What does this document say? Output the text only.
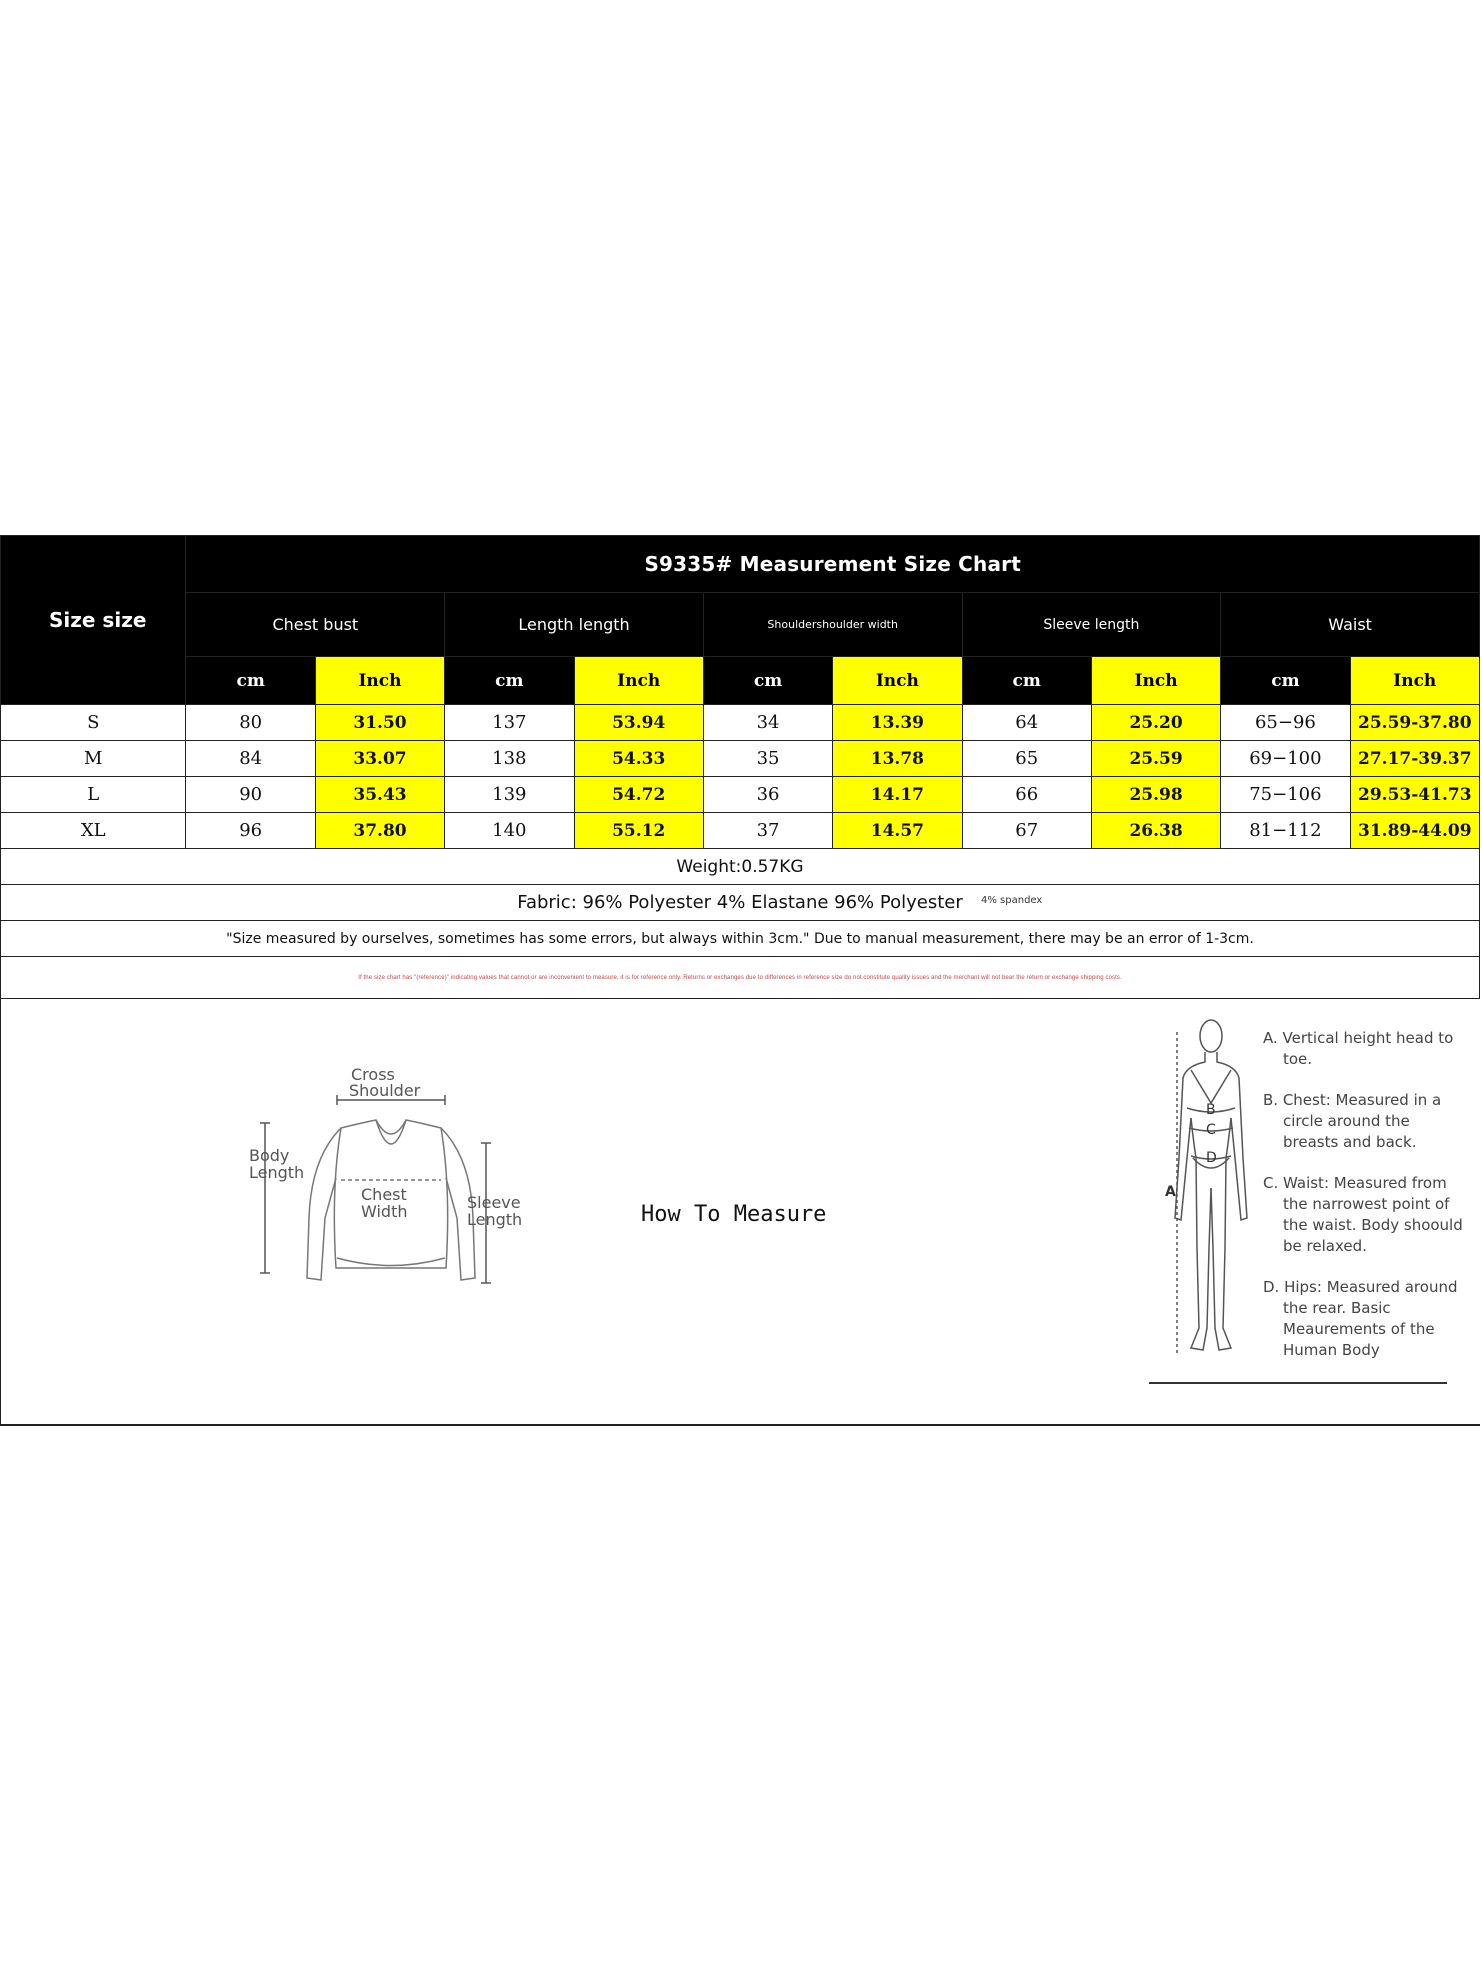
Size size	S9335# Measurement Size Chart									
	Chest bust		Length length		Shouldershoulder width		Sleeve length		Waist	
	cm	Inch	cm	Inch	cm	Inch	cm	Inch	cm	Inch
S	80	31.50	137	53.94	34	13.39	64	25.20	65−96	25.59-37.80
M	84	33.07	138	54.33	35	13.78	65	25.59	69−100	27.17-39.37
L	90	35.43	139	54.72	36	14.17	66	25.98	75−106	29.53-41.73
XL	96	37.80	140	55.12	37	14.57	67	26.38	81−112	31.89-44.09
Weight:0.57KG										
Fabric: 96% Polyester 4% Elastane 96% Polyester 4% spandex										

"Size measured by ourselves, sometimes has some errors, but always within 3cm." Due to manual measurement, there may be an error of 1-3cm.										
If the size chart has "(reference)" indicating values that cannot or are inconvenient to measure, it is for reference only. Returns or exchanges due to differences in reference size do not constitute quality issues and the merchant will not bear the return or exchange shipping costs.										
Cross
Shoulder
Body
Length
Chest
Width	Sleeve
Length	How To Measure
B
C
D
A

A. Vertical height head to toe.

B. Chest: Measured in a circle around the breasts and back.

C. Waist: Measured from the narrowest point of the waist. Body shoould be relaxed.

D. Hips: Measured around the rear. Basic Meaurements of the Human Body
